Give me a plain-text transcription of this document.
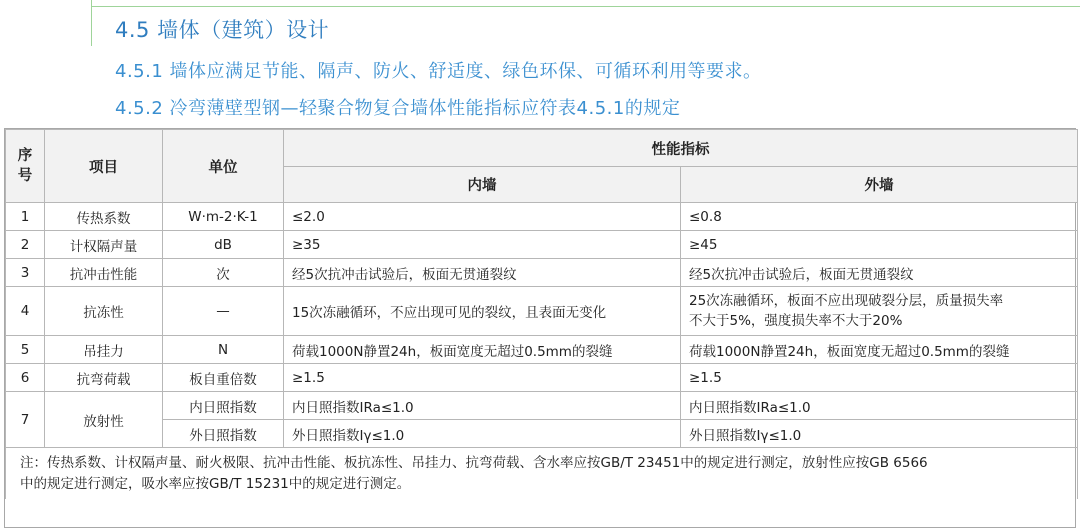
4.5 墙体（建筑）设计
4.5.1 墙体应满足节能、隔声、防火、舒适度、绿色环保、可循环利用等要求。
4.5.2 冷弯薄壁型钢—轻聚合物复合墙体性能指标应符表4.5.1的规定
序
号	项目	单位	性能指标	
			内墙	外墙
1	传热系数	W·m-2·K-1	≤2.0	≤0.8
2	计权隔声量	dB	≥35	≥45
3	抗冲击性能	次	经5次抗冲击试验后，板面无贯通裂纹	经5次抗冲击试验后，板面无贯通裂纹
4	抗冻性	—	15次冻融循环，不应出现可见的裂纹，且表面无变化	25次冻融循环，板面不应出现破裂分层，质量损失率
不大于5%，强度损失率不大于20%
5	吊挂力	N	荷载1000N静置24h，板面宽度无超过0.5mm的裂缝	荷载1000N静置24h，板面宽度无超过0.5mm的裂缝
6	抗弯荷载	板自重倍数	≥1.5	≥1.5
7	放射性	内日照指数	内日照指数IRa≤1.0	内日照指数IRa≤1.0
		外日照指数	外日照指数Iγ≤1.0	外日照指数Iγ≤1.0
注：传热系数、计权隔声量、耐火极限、抗冲击性能、板抗冻性、吊挂力、抗弯荷载、含水率应按GB/T 23451中的规定进行测定，放射性应按GB 6566
中的规定进行测定，吸水率应按GB/T 15231中的规定进行测定。				
